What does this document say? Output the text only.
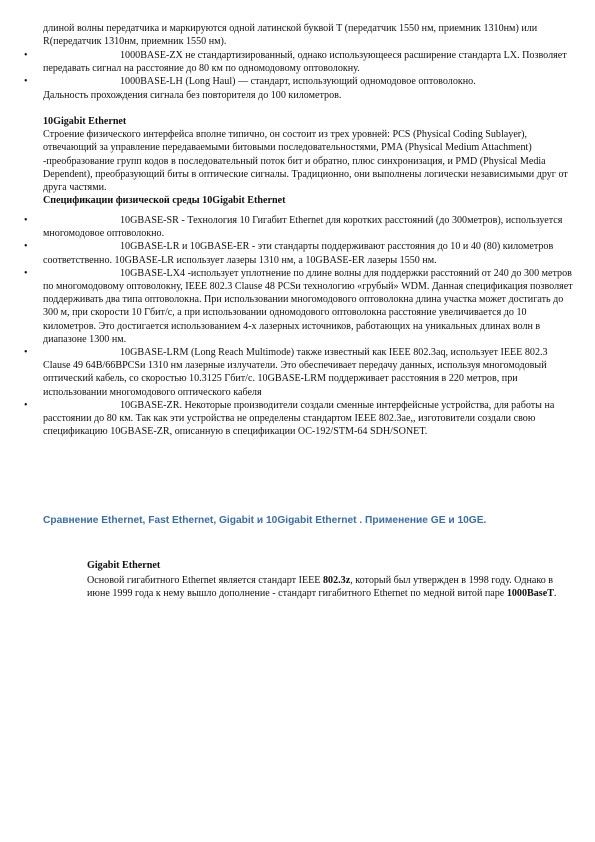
длиной волны передатчика и маркируются одной латинской буквой T (передатчик 1550 нм, приемник 1310нм) или R(передатчик 1310нм, приемник 1550 нм).

•	1000BASE-ZX не стандартизированный, однако использующееся расширение стандарта LX. Позволяет передавать сигнал на расстояние до 80 км по одномодовому оптоволокну.
•	1000BASE-LH (Long Haul) — стандарт, использующий одномодовое оптоволокно.

Дальность прохождения сигнала без повторителя до 100 километров.

10Gigabit Ethernet

Строение физического интерфейса вполне типично, он состоит из трех уровней: PCS (Physical Coding Sublayer), отвечающий за управление передаваемыми битовыми последовательностями, PMA (Physical Medium Attachment) -преобразование групп кодов в последовательный поток бит и обратно, плюс синхронизация, и PMD (Physical Media Dependent), преобразующий биты в оптические сигналы. Традиционно, они выполнены логически независимыми друг от друга частями.

Спецификации физической среды 10Gigabit Ethernet

•	10GBASE-SR - Технология 10 Гигабит Ethernet для коротких расстояний (до 300метров), используется многомодовое оптоволокно.
•	10GBASE-LR и 10GBASE-ER - эти стандарты поддерживают расстояния до 10 и 40 (80) километров соответственно. 10GBASE-LR использует лазеры 1310 нм, а 10GBASE-ER лазеры 1550 нм.
•	10GBASE-LX4 -использует уплотнение по длине волны для поддержки расстояний от 240 до 300 метров по многомодовому оптоволокну, IEEE 802.3 Clause 48 PCSи технологию «грубый» WDM. Данная спецификация позволяет поддерживать два типа оптоволокна. При использовании многомодового оптоволокна длина участка может достигать до 300 м, при скорости 10 Гбит/с, а при использовании одномодового оптоволокна расстояние увеличивается до 10 километров. Это достигается использованием 4-х лазерных источников, работающих на уникальных длинах волн в диапазоне 1300 нм.
•	10GBASE-LRM (Long Reach Multimode) также известный как IEEE 802.3aq, использует IEEE 802.3 Clause 49 64B/66BPCSи 1310 нм лазерные излучатели. Это обеспечивает передачу данных, используя многомодовый оптический кабель, со скоростью 10.3125 Гбит/с. 10GBASE-LRM поддерживает расстояния в 220 метров, при использовании многомодового оптического кабеля
•	10GBASE-ZR. Некоторые производители создали сменные интерфейсные устройства, для работы на расстоянии до 80 км. Так как эти устройства не определены стандартом IEEE 802.3ae,, изготовители создали свою спецификацию 10GBASE-ZR, описанную в спецификации OC-192/STM-64 SDH/SONET.

Сравнение Ethernet, Fast Ethernet, Gigabit и 10Gigabit Ethernet . Применение GE и 10GE.

Gigabit Ethernet

Основой гигабитного Ethernet является стандарт IEEE 802.3z, который был утвержден в 1998 году. Однако в июне 1999 года к нему вышло дополнение - стандарт гигабитного Ethernet по медной витой паре 1000BaseT.
